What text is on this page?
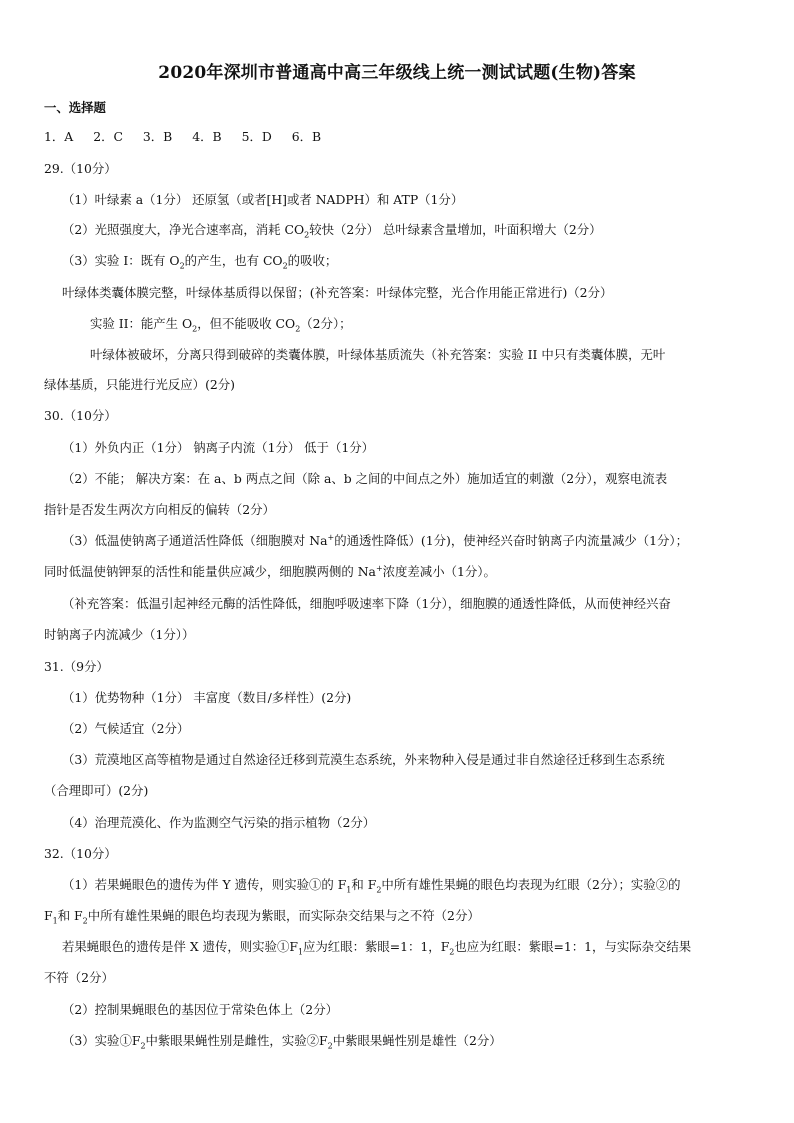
2020年深圳市普通高中高三年级线上统一测试试题(生物)答案
一、选择题
1．A 2．C 3．B 4．B 5．D 6．B
29.（10分）
（1）叶绿素 a（1分） 还原氢（或者[H]或者 NADPH）和 ATP（1分）
（2）光照强度大，净光合速率高，消耗 $CO_2$较快（2分） 总叶绿素含量增加，叶面积增大（2分）
（3）实验 I：既有 $O_2$的产生，也有 $CO_2$的吸收；
叶绿体类囊体膜完整，叶绿体基质得以保留；(补充答案：叶绿体完整，光合作用能正常进行)（2分）
实验 II：能产生 $O_2$，但不能吸收 $CO_2(2$分）；
叶绿体被破坏，分离只得到破碎的类囊体膜，叶绿体基质流失（补充答案：实验 II 中只有类囊体膜，无叶
绿体基质，只能进行光反应）(2分)
30.（10分）
（1）外负内正（1分） 钠离子内流（1分） 低于（1分）
（2）不能； 解决方案：在 a、b 两点之间（除 a、b 之间的中间点之外）施加适宜的刺激（2分），观察电流表
指针是否发生两次方向相反的偏转（2分）
（3）低温使钠离子通道活性降低（细胞膜对 Na+的通透性降低）(1分)，使神经兴奋时钠离子内流量减少（1分）；
同时低温使钠钾泵的活性和能量供应减少，细胞膜两侧的 Na+浓度差减小（1分）。
（补充答案：低温引起神经元酶的活性降低，细胞呼吸速率下降（1分），细胞膜的通透性降低，从而使神经兴奋
时钠离子内流减少（1分））
31.（9分）
（1）优势物种（1分） 丰富度（数目/多样性）(2分)
（2）气候适宜（2分）
（3）荒漠地区高等植物是通过自然途径迁移到荒漠生态系统，外来物种入侵是通过非自然途径迁移到生态系统
（合理即可）(2分)
（4）治理荒漠化、作为监测空气污染的指示植物（2分）
32.（10分）
（1）若果蝇眼色的遗传为伴 Y 遗传，则实验①的 $F_1$和 $F_2$中所有雄性果蝇的眼色均表现为红眼（2分）；实验②的
$F_1$和 $F_2$中所有雄性果蝇的眼色均表现为紫眼，而实际杂交结果与之不符（2分）
若果蝇眼色的遗传是伴 X 遗传，则实验$①F_1$应为红眼：紫眼=1：1，$F_2$也应为红眼：紫眼=1：1，与实际杂交结果
不符（2分）
（2）控制果蝇眼色的基因位于常染色体上（2分）
（3）实验$①F_2$中紫眼果蝇性别是雌性，实验$②F_2$中紫眼果蝇性别是雄性（2分）
